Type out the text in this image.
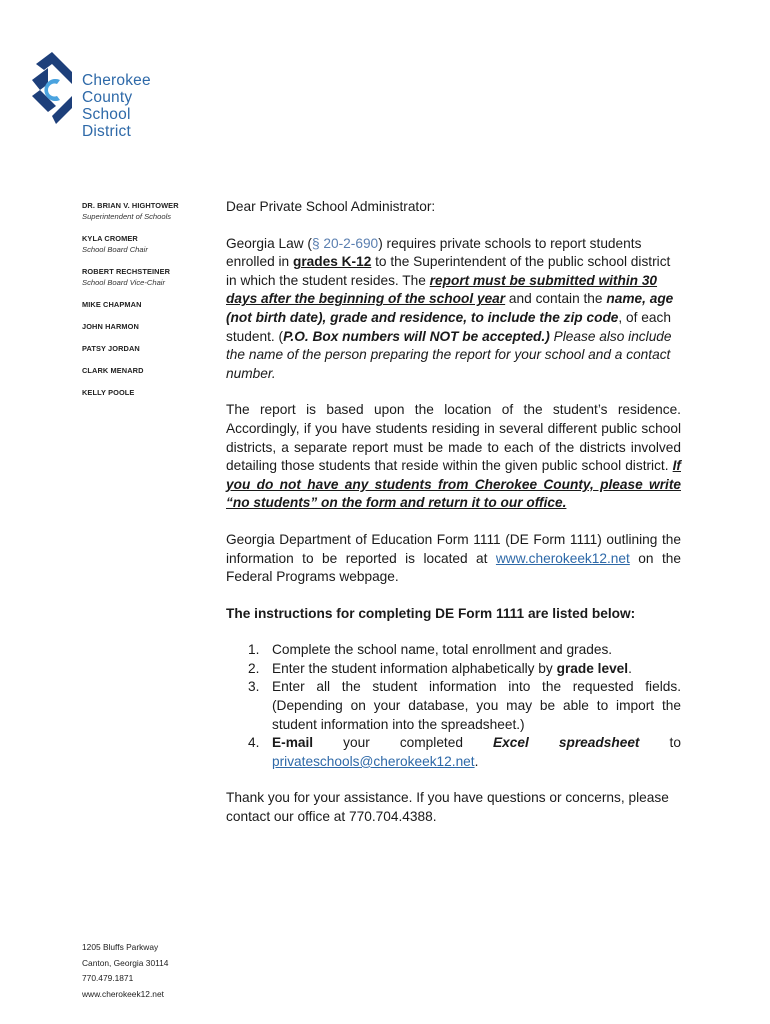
Cherokee
County
School
District

DR. BRIAN V. HIGHTOWER
Superintendent of Schools
KYLA CROMER
School Board Chair
ROBERT RECHSTEINER
School Board Vice-Chair
MIKE CHAPMAN
JOHN HARMON
PATSY JORDAN
CLARK MENARD
KELLY POOLE
1205 Bluffs Parkway
Canton, Georgia 30114
770.479.1871
www.cherokeek12.net

Dear Private School Administrator:

Georgia Law (§ 20-2-690) requires private schools to report students enrolled in grades K-12 to the Superintendent of the public school district in which the student resides. The report must be submitted within 30 days after the beginning of the school year and contain the name, age (not birth date), grade and residence, to include the zip code, of each student. (P.O. Box numbers will NOT be accepted.) Please also include the name of the person preparing the report for your school and a contact number.

The report is based upon the location of the student’s residence. Accordingly, if you have students residing in several different public school districts, a separate report must be made to each of the districts involved detailing those students that reside within the given public school district. If you do not have any students from Cherokee County, please write “no students” on the form and return it to our office.

Georgia Department of Education Form 1111 (DE Form 1111) outlining the information to be reported is located at www.cherokeek12.net on the Federal Programs webpage.

The instructions for completing DE Form 1111 are listed below:

1. Complete the school name, total enrollment and grades.
2. Enter the student information alphabetically by grade level.
3. Enter all the student information into the requested fields. (Depending on your database, you may be able to import the student information into the spreadsheet.)
4. E-mail your completed Excel spreadsheet to
privateschools@cherokeek12.net.

Thank you for your assistance. If you have questions or concerns, please contact our office at 770.704.4388.
